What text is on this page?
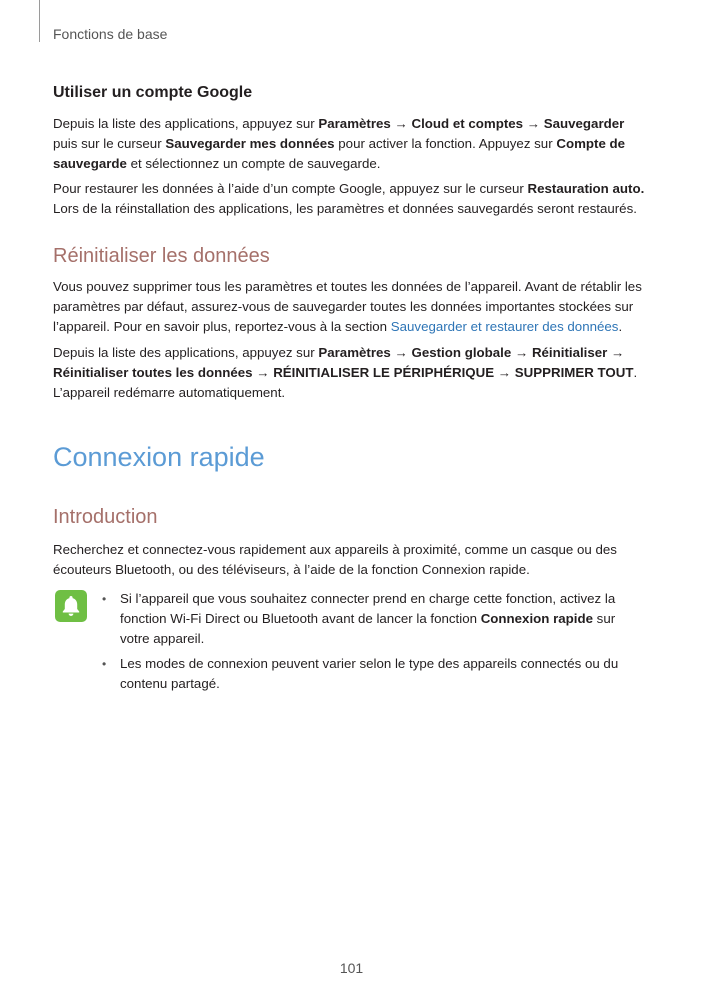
Fonctions de base
Utiliser un compte Google
Depuis la liste des applications, appuyez sur Paramètres → Cloud et comptes → Sauvegarder puis sur le curseur Sauvegarder mes données pour activer la fonction. Appuyez sur Compte de sauvegarde et sélectionnez un compte de sauvegarde.
Pour restaurer les données à l’aide d’un compte Google, appuyez sur le curseur Restauration auto. Lors de la réinstallation des applications, les paramètres et données sauvegardés seront restaurés.
Réinitialiser les données
Vous pouvez supprimer tous les paramètres et toutes les données de l’appareil. Avant de rétablir les paramètres par défaut, assurez-vous de sauvegarder toutes les données importantes stockées sur l’appareil. Pour en savoir plus, reportez-vous à la section Sauvegarder et restaurer des données.
Depuis la liste des applications, appuyez sur Paramètres → Gestion globale → Réinitialiser → Réinitialiser toutes les données → RÉINITIALISER LE PÉRIPHÉRIQUE → SUPPRIMER TOUT.
L’appareil redémarre automatiquement.
Connexion rapide
Introduction
Recherchez et connectez-vous rapidement aux appareils à proximité, comme un casque ou des écouteurs Bluetooth, ou des téléviseurs, à l’aide de la fonction Connexion rapide.
• Si l’appareil que vous souhaitez connecter prend en charge cette fonction, activez la fonction Wi-Fi Direct ou Bluetooth avant de lancer la fonction Connexion rapide sur votre appareil.
• Les modes de connexion peuvent varier selon le type des appareils connectés ou du contenu partagé.
101
